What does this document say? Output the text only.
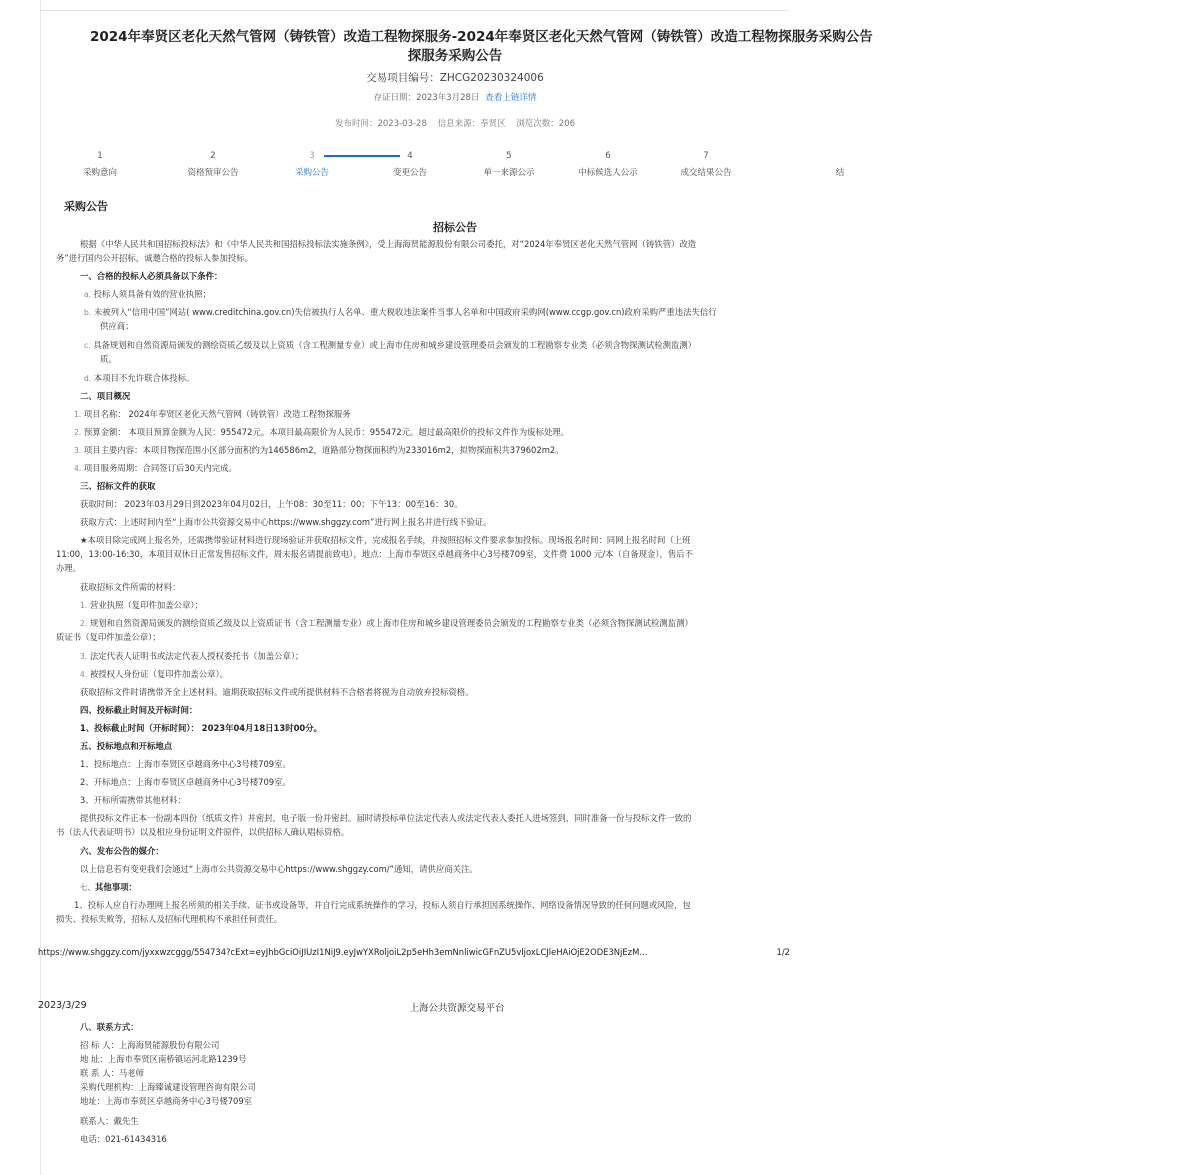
2024年奉贤区老化天然气管网（铸铁管）改造工程物探服务-2024年奉贤区老化天然气管网（铸铁管）改造工程物探服务采购公告
探服务采购公告
交易项目编号：ZHCG20230324006
存证日期：2023年3月28日 查看上链详情
发布时间：2023-03-28 信息来源：奉贤区 浏览次数：206
1
采购意向
2
资格预审公告
3
采购公告
4
变更公告
5
单一来源公示
6
中标候选人公示
7
成交结果公告	结
采购公告
招标公告
根据《中华人民共和国招标投标法》和《中华人民共和国招标投标法实施条例》，受上海海贤能源股份有限公司委托，对“2024年奉贤区老化天然气管网（铸铁管）改造
务”进行国内公开招标，诚邀合格的投标人参加投标。
一、合格的投标人必须具备以下条件：
a. 投标人须具备有效的营业执照；
b. 未被列入“信用中国”网站( www.creditchina.gov.cn)失信被执行人名单、重大税收违法案件当事人名单和中国政府采购网(www.ccgp.gov.cn)政府采购严重违法失信行
供应商；
c. 具备规划和自然资源局颁发的测绘资质乙级及以上资质（含工程测量专业）或上海市住房和城乡建设管理委员会颁发的工程勘察专业类（必须含物探测试检测监测）
质。
d. 本项目不允许联合体投标。
二、项目概况
1. 项目名称： 2024年奉贤区老化天然气管网（铸铁管）改造工程物探服务
2. 预算金额： 本项目预算金额为人民：955472元。本项目最高限价为人民币：955472元。超过最高限价的投标文件作为废标处理。
3. 项目主要内容：本项目物探范围小区部分面积约为146586m2，道路部分物探面积约为233016m2，拟物探面积共379602m2。
4. 项目服务周期：合同签订后30天内完成。
三、招标文件的获取
获取时间： 2023年03月29日到2023年04月02日，上午08：30至11：00；下午13：00至16：30。
获取方式：上述时间内至“上海市公共资源交易中心https://www.shggzy.com”进行网上报名并进行线下验证。
★本项目除完成网上报名外，还需携带验证材料进行现场验证并获取招标文件，完成报名手续，并按照招标文件要求参加投标。现场报名时间：同网上报名时间（上班
11:00，13:00-16:30，本项目双休日正常发售招标文件，周末报名请提前致电），地点：上海市奉贤区卓越商务中心3号楼709室，文件费 1000 元/本（自备现金），售后不
办理。
获取招标文件所需的材料：
1. 营业执照（复印件加盖公章）；
2. 规划和自然资源局颁发的测绘资质乙级及以上资质证书（含工程测量专业）或上海市住房和城乡建设管理委员会颁发的工程勘察专业类（必须含物探测试检测监测）
质证书（复印件加盖公章）；
3. 法定代表人证明书或法定代表人授权委托书（加盖公章）；
4. 被授权人身份证（复印件加盖公章）。
获取招标文件时请携带齐全上述材料。逾期获取招标文件或所提供材料不合格者将视为自动放弃投标资格。
四、投标截止时间及开标时间：
1、投标截止时间（开标时间）： 2023年04月18日13时00分。
五、投标地点和开标地点
1、投标地点：上海市奉贤区卓越商务中心3号楼709室。
2、开标地点：上海市奉贤区卓越商务中心3号楼709室。
3、开标所需携带其他材料：
提供投标文件正本一份副本四份（纸质文件）并密封，电子版一份并密封。届时请投标单位法定代表人或法定代表人委托人进场签到，同时准备一份与投标文件一致的
书（法人代表证明书）以及相应身份证明文件原件，以供招标人确认唱标资格。
六、发布公告的媒介：
以上信息若有变更我们会通过“上海市公共资源交易中心https://www.shggzy.com/”通知，请供应商关注。
七、其他事项：
1、投标人应自行办理网上报名所须的相关手续、证书或设备等，并自行完成系统操作的学习，投标人须自行承担因系统操作、网络设备情况导致的任何问题或风险，包
损失、投标失败等，招标人及招标代理机构不承担任何责任。
https://www.shggzy.com/jyxxwzcggg/554734?cExt=eyJhbGciOiJIUzI1NiJ9.eyJwYXRoljoiL2p5eHh3emNnliwicGFnZU5vljoxLCJleHAiOjE2ODE3NjEzM…	1/2
2023/3/29	上海公共资源交易平台
八、联系方式：
招 标 人：上海海贤能源股份有限公司
地 址：上海市奉贤区南桥镇运河北路1239号
联 系 人：马老师
采购代理机构：上海臻诚建设管理咨询有限公司
地址：上海市奉贤区卓越商务中心3号楼709室
联系人：戴先生
电话：021-61434316
